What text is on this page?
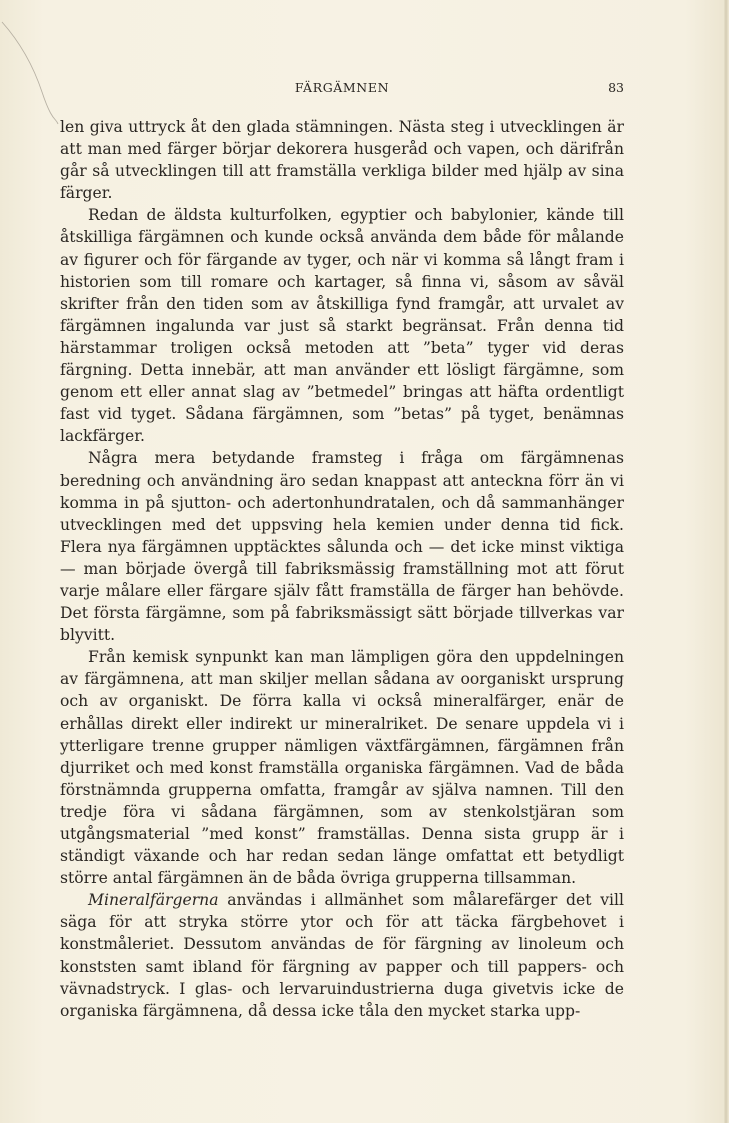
FÄRGÄMNEN	83

len giva uttryck åt den glada stämningen. Nästa steg i utvecklingen är att man med färger börjar dekorera husgeråd och vapen, och därifrån går så utvecklingen till att framställa verkliga bilder med hjälp av sina färger.

Redan de äldsta kulturfolken, egyptier och babylonier, kände till åtskilliga färgämnen och kunde också använda dem både för målande av figurer och för färgande av tyger, och när vi komma så långt fram i historien som till romare och kartager, så finna vi, såsom av såväl skrifter från den tiden som av åtskilliga fynd framgår, att urvalet av färgämnen ingalunda var just så starkt begränsat. Från denna tid härstammar troligen också metoden att ”beta” tyger vid deras färgning. Detta innebär, att man använder ett lösligt färgämne, som genom ett eller annat slag av ”betmedel” bringas att häfta ordentligt fast vid tyget. Sådana färgämnen, som ”betas” på tyget, benämnas lackfärger.

Några mera betydande framsteg i fråga om färgämnenas beredning och användning äro sedan knappast att anteckna förr än vi komma in på sjutton- och adertonhundratalen, och då sammanhänger utvecklingen med det uppsving hela kemien under denna tid fick. Flera nya färgämnen upptäcktes sålunda och — det icke minst viktiga — man började övergå till fabriksmässig framställning mot att förut varje målare eller färgare själv fått framställa de färger han behövde. Det första färgämne, som på fabriksmässigt sätt började tillverkas var blyvitt.

Från kemisk synpunkt kan man lämpligen göra den uppdelningen av färgämnena, att man skiljer mellan sådana av oorganiskt ursprung och av organiskt. De förra kalla vi också mineralfärger, enär de erhållas direkt eller indirekt ur mineralriket. De senare uppdela vi i ytterligare trenne grupper nämligen växtfärgämnen, färgämnen från djurriket och med konst framställa organiska färgämnen. Vad de båda förstnämnda grupperna omfatta, framgår av själva namnen. Till den tredje föra vi sådana färgämnen, som av stenkolstjäran som utgångsmaterial ”med konst” framställas. Denna sista grupp är i ständigt växande och har redan sedan länge omfattat ett betydligt större antal färgämnen än de båda övriga grupperna tillsamman.

Mineralfärgerna användas i allmänhet som målarefärger det vill säga för att stryka större ytor och för att täcka färgbehovet i konstmåleriet. Dessutom användas de för färgning av linoleum och konststen samt ibland för färgning av papper och till pappers- och vävnadstryck. I glas- och lervaruindustrierna duga givetvis icke de organiska färgämnena, då dessa icke tåla den mycket starka upp-
